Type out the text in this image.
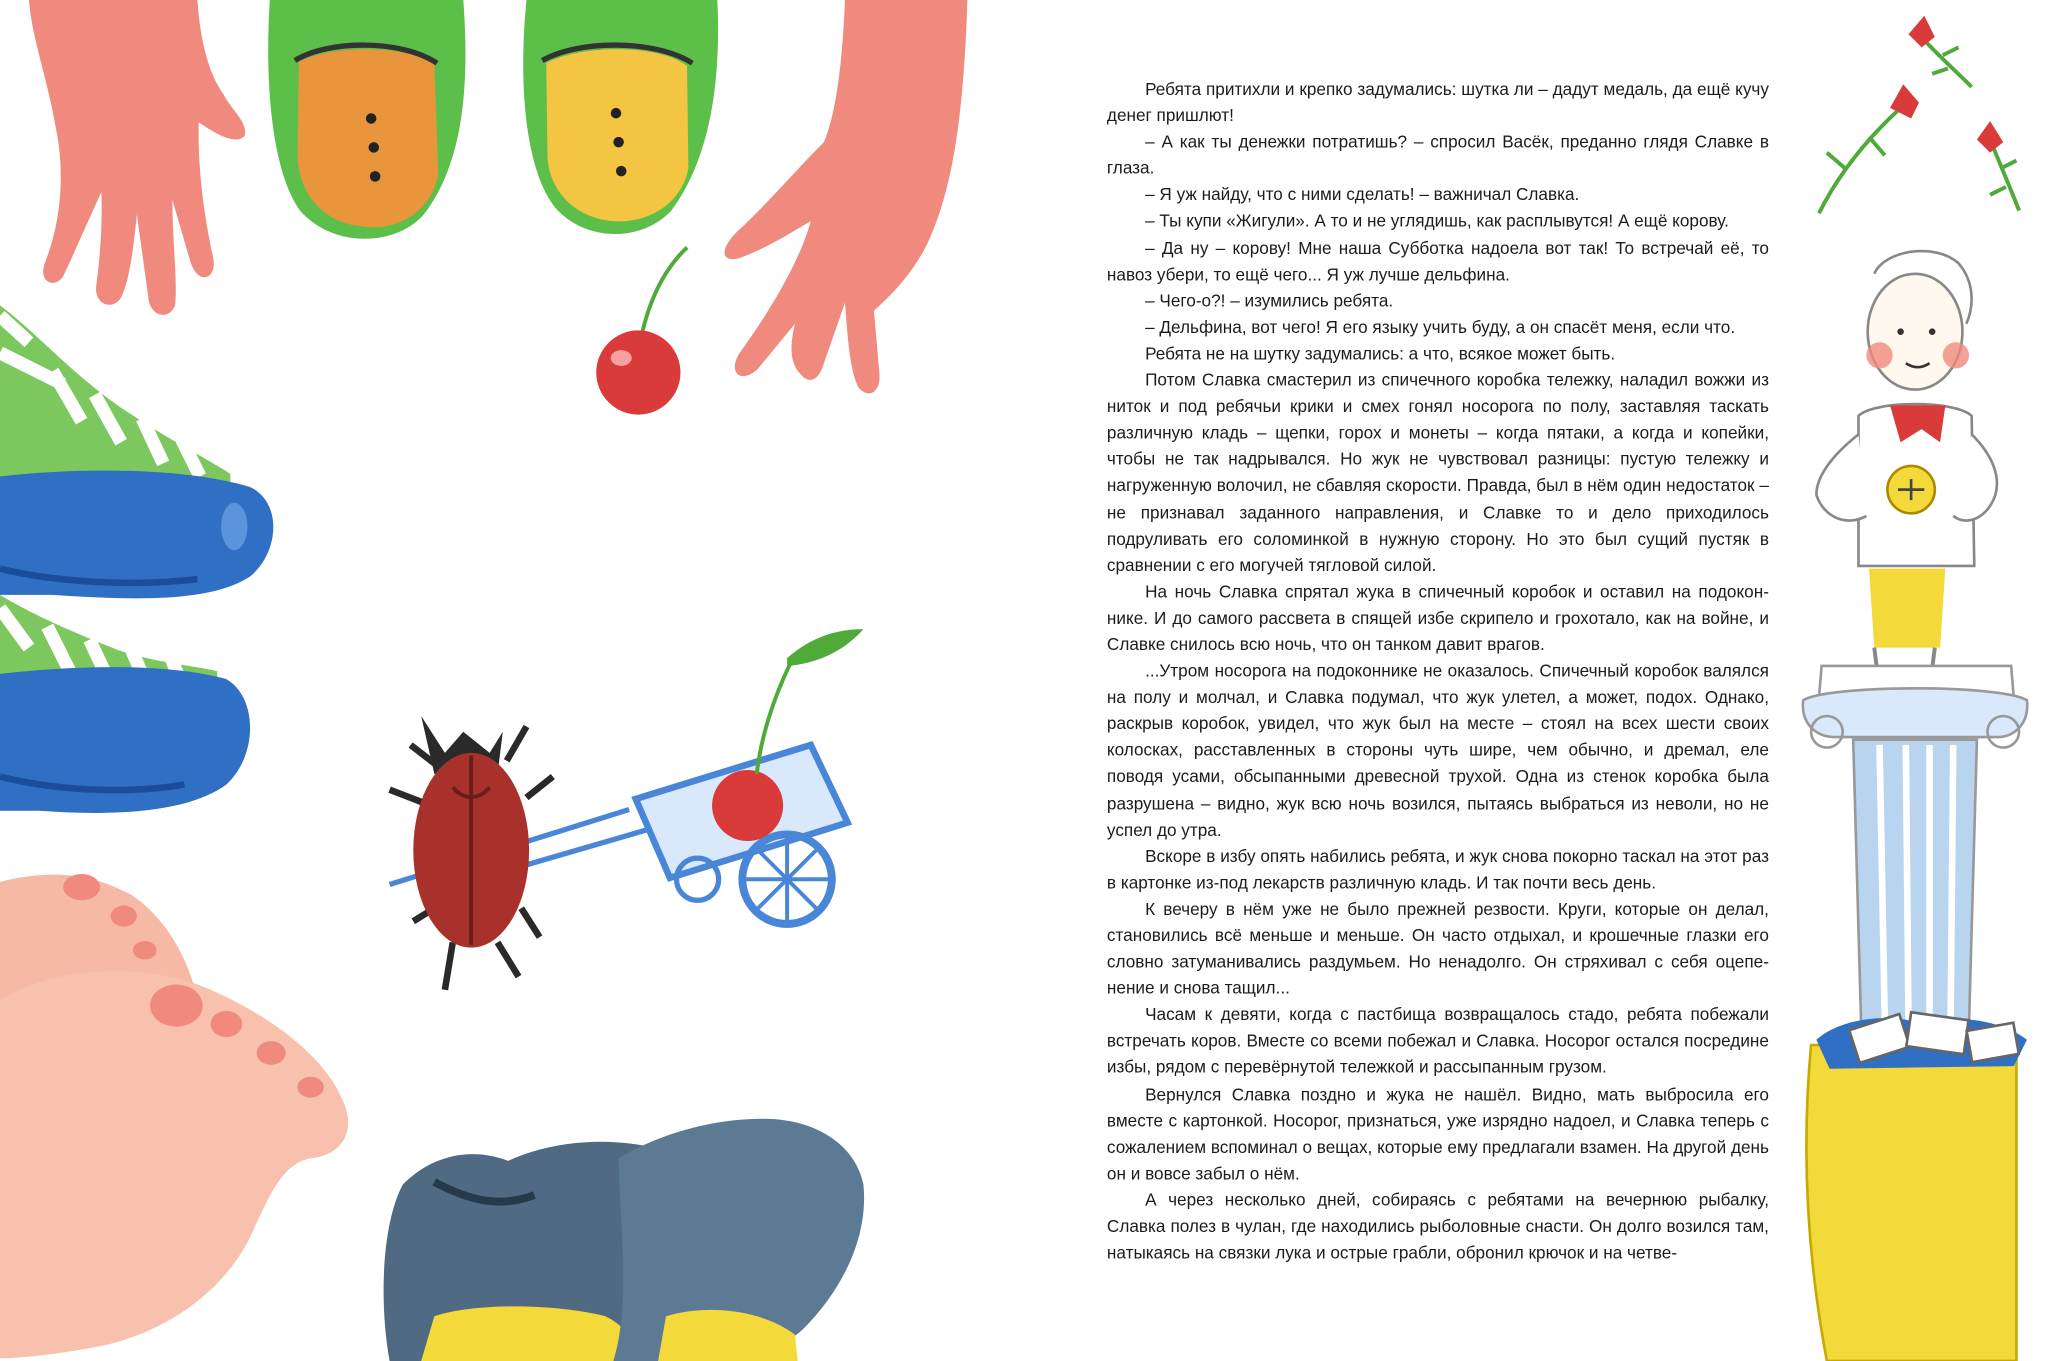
Ребята притихли и крепко задумались: шутка ли – дадут медаль, да ещё кучу денег пришлют!

– А как ты денежки потратишь? – спросил Васёк, преданно глядя Славке в глаза.

– Я уж найду, что с ними сделать! – важничал Славка.

– Ты купи «Жигули». А то и не углядишь, как расплывутся! А ещё корову.

– Да ну – корову! Мне наша Субботка надоела вот так! То встречай её, то навоз убери, то ещё чего... Я уж лучше дельфина.

– Чего-о?! – изумились ребята.

– Дельфина, вот чего! Я его языку учить буду, а он спасёт меня, если что.

Ребята не на шутку задумались: а что, всякое может быть.

Потом Славка смастерил из спичечного коробка тележку, наладил вожжи из ниток и под ребячьи крики и смех гонял носорога по полу, заставляя таскать различную кладь – щепки, горох и монеты – когда пятаки, а когда и копейки, чтобы не так надрывался. Но жук не чувствовал разницы: пустую тележку и нагруженную волочил, не сбавляя скорости. Правда, был в нём один недостаток – не признавал заданного направления, и Славке то и дело приходилось подруливать его соломинкой в нужную сторону. Но это был сущий пустяк в сравнении с его могучей тягловой силой.

На ночь Славка спрятал жука в спичечный коробок и оставил на подоконнике. И до самого рассвета в спящей избе скрипело и грохотало, как на войне, и Славке снилось всю ночь, что он танком давит врагов.

...Утром носорога на подоконнике не оказалось. Спичечный коробок валялся на полу и молчал, и Славка подумал, что жук улетел, а может, подох. Однако, раскрыв коробок, увидел, что жук был на месте – стоял на всех шести своих колосках, расставленных в стороны чуть шире, чем обычно, и дремал, еле поводя усами, обсыпанными древесной трухой. Одна из стенок коробка была разрушена – видно, жук всю ночь возился, пытаясь выбраться из неволи, но не успел до утра.

Вскоре в избу опять набились ребята, и жук снова покорно таскал на этот раз в картонке из-под лекарств различную кладь. И так почти весь день.

К вечеру в нём уже не было прежней резвости. Круги, которые он делал, становились всё меньше и меньше. Он часто отдыхал, и крошечные глазки его словно затуманивались раздумьем. Но ненадолго. Он стряхивал с себя оцепенение и снова тащил...

Часам к девяти, когда с пастбища возвращалось стадо, ребята побежали встречать коров. Вместе со всеми побежал и Славка. Носорог остался посредине избы, рядом с перевёрнутой тележкой и рассыпанным грузом.

Вернулся Славка поздно и жука не нашёл. Видно, мать выбросила его вместе с картонкой. Носорог, признаться, уже изрядно надоел, и Славка теперь с сожалением вспоминал о вещах, которые ему предлагали взамен. На другой день он и вовсе забыл о нём.

А через несколько дней, собираясь с ребятами на вечернюю рыбалку, Славка полез в чулан, где находились рыболовные снасти. Он долго возился там, натыкаясь на связки лука и острые грабли, обронил крючок и на четве-
